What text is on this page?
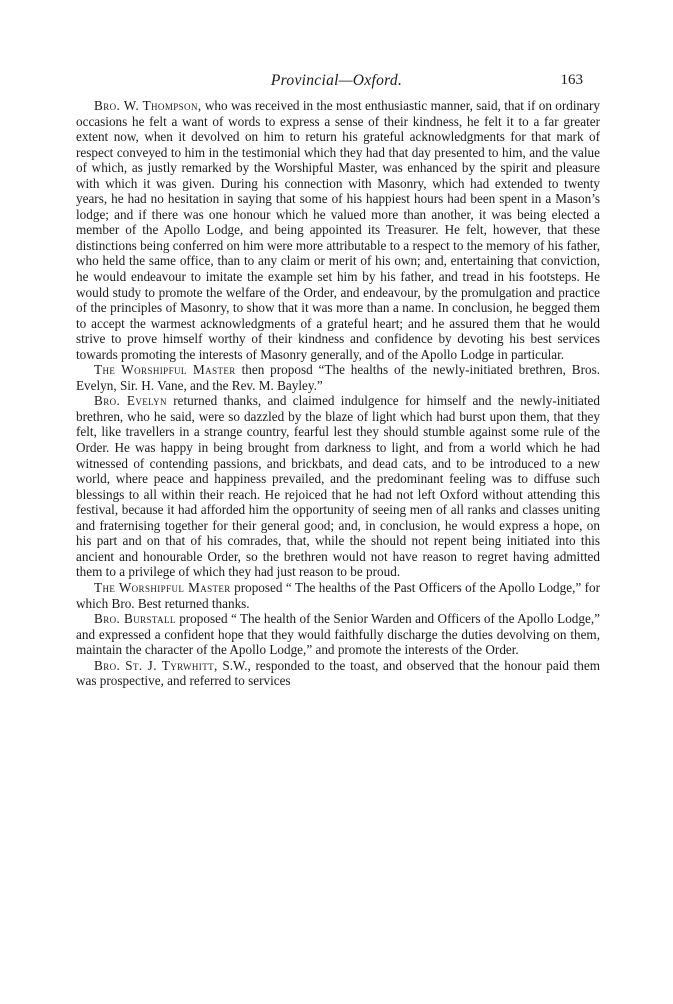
Provincial—Oxford.	163

Bro. W. Thompson, who was received in the most enthusiastic manner, said, that if on ordinary occasions he felt a want of words to express a sense of their kindness, he felt it to a far greater extent now, when it devolved on him to return his grateful acknowledgments for that mark of respect conveyed to him in the testimonial which they had that day presented to him, and the value of which, as justly remarked by the Worshipful Master, was enhanced by the spirit and pleasure with which it was given. During his connection with Masonry, which had extended to twenty years, he had no hesitation in saying that some of his happiest hours had been spent in a Mason’s lodge; and if there was one honour which he valued more than another, it was being elected a member of the Apollo Lodge, and being appointed its Treasurer. He felt, however, that these distinctions being conferred on him were more attributable to a respect to the memory of his father, who held the same office, than to any claim or merit of his own; and, entertaining that conviction, he would endeavour to imitate the example set him by his father, and tread in his footsteps. He would study to promote the welfare of the Order, and endeavour, by the promulgation and practice of the principles of Masonry, to show that it was more than a name. In conclusion, he begged them to accept the warmest acknowledgments of a grateful heart; and he assured them that he would strive to prove himself worthy of their kindness and confidence by devoting his best services towards promoting the interests of Masonry generally, and of the Apollo Lodge in particular.

The Worshipful Master then proposd “The healths of the newly-initiated brethren, Bros. Evelyn, Sir. H. Vane, and the Rev. M. Bayley.”

Bro. Evelyn returned thanks, and claimed indulgence for himself and the newly-initiated brethren, who he said, were so dazzled by the blaze of light which had burst upon them, that they felt, like travellers in a strange country, fearful lest they should stumble against some rule of the Order. He was happy in being brought from darkness to light, and from a world which he had witnessed of contending passions, and brickbats, and dead cats, and to be introduced to a new world, where peace and happiness prevailed, and the predominant feeling was to diffuse such blessings to all within their reach. He rejoiced that he had not left Oxford without attending this festival, because it had afforded him the opportunity of seeing men of all ranks and classes uniting and fraternising together for their general good; and, in conclusion, he would express a hope, on his part and on that of his comrades, that, while the should not repent being initiated into this ancient and honourable Order, so the brethren would not have reason to regret having admitted them to a privilege of which they had just reason to be proud.

The Worshipful Master proposed “ The healths of the Past Officers of the Apollo Lodge,” for which Bro. Best returned thanks.

Bro. Burstall proposed “ The health of the Senior Warden and Officers of the Apollo Lodge,” and expressed a confident hope that they would faithfully discharge the duties devolving on them, maintain the character of the Apollo Lodge,” and promote the interests of the Order.

Bro. St. J. Tyrwhitt, S.W., responded to the toast, and observed that the honour paid them was prospective, and referred to services
